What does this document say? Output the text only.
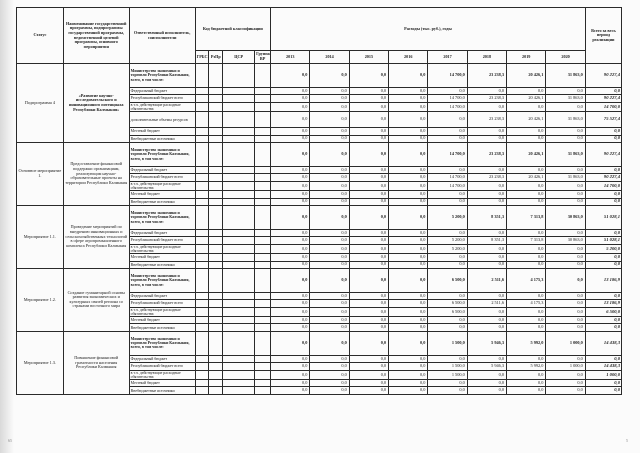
Статус	Наименование государственной программы, подпрограммы государственной программы, ведомственной целевой программы, основного мероприятия	Ответственный исполнитель, соисполнители	Код бюджетной классификации				Расходы (тыс. руб.), годы								Всего за весь период реализации
			ГРБС	РзПр	ЦСР	Группа ВР	2013	2014	2015	2016	2017	2018	2019	2020	
Подпрограмма 4	«Развитие научно-исследовательского и инновационного потенциала Республики Калмыкия»	Министерство экономики и торговли Республики Калмыкия, всего, в том числе:					0,0	0,0	0,0	0,0	14 700,0	23 238,3	20 426,1	31 863,0	90 227,4
		Федеральный бюджет					0,0	0,0	0,0	0,0	0,0	0,0	0,0	0,0	0,0
		Республиканский бюджет всего					0,0	0,0	0,0	0,0	14 700,0	23 238,3	20 426,1	31 863,0	90 227,4
		в т.ч. действующие расходные обязательства					0,0	0,0	0,0	0,0	14 700,0	0,0	0,0	0,0	14 700,0
		дополнительные объемы ресурсов					0,0	0,0	0,0	0,0	0,0	23 238,3	20 426,1	31 863,0	75 527,4
		Местный бюджет					0,0	0,0	0,0	0,0	0,0	0,0	0,0	0,0	0,0
		Внебюджетные источники					0,0	0,0	0,0	0,0	0,0	0,0	0,0	0,0	0,0
Основное мероприятие 1.	Предоставление финансовой поддержки организациям, реализующим научно-образовательные проекты на территории Республики Калмыкия	Министерство экономики и торговли Республики Калмыкия, всего, в том числе:					0,0	0,0	0,0	0,0	14 700,0	23 238,3	20 426,1	31 863,0	90 227,4
		Федеральный бюджет					0,0	0,0	0,0	0,0	0,0	0,0	0,0	0,0	0,0
		Республиканский бюджет всего					0,0	0,0	0,0	0,0	14 700,0	23 238,3	20 426,1	31 863,0	90 227,4
		в т.ч. действующие расходные обязательства					0,0	0,0	0,0	0,0	14 700,0	0,0	0,0	0,0	14 700,0
		Местный бюджет					0,0	0,0	0,0	0,0	0,0	0,0	0,0	0,0	0,0
		Внебюджетные источники					0,0	0,0	0,0	0,0	0,0	0,0	0,0	0,0	0,0
Мероприятие 1.1.	Проведение мероприятий по внедрению инновационных и сельскохозяйственных технологий в сфере агропромышленного комплекса Республики Калмыкия	Министерство экономики и торговли Республики Калмыкия, всего, в том числе:					0,0	0,0	0,0	0,0	5 200,0	8 351,3	7 313,8	30 863,0	51 028,1
		Федеральный бюджет					0,0	0,0	0,0	0,0	0,0	0,0	0,0	0,0	0,0
		Республиканский бюджет всего					0,0	0,0	0,0	0,0	5 200,0	8 351,3	7 313,8	30 863,0	51 028,1
		в т.ч. действующие расходные обязательства					0,0	0,0	0,0	0,0	5 200,0	0,0	0,0	0,0	5 200,0
		Местный бюджет					0,0	0,0	0,0	0,0	0,0	0,0	0,0	0,0	0,0
		Внебюджетные источники					0,0	0,0	0,0	0,0	0,0	0,0	0,0	0,0	0,0
Мероприятие 1.2.	Создание гуманитарной основы развития экономических и культурных связей региона со странами восточного мира	Министерство экономики и торговли Республики Калмыкия, всего, в том числе:					0,0	0,0	0,0	0,0	6 500,0	2 511,6	4 175,3	0,0	13 186,9
		Федеральный бюджет					0,0	0,0	0,0	0,0	0,0	0,0	0,0	0,0	0,0
		Республиканский бюджет всего					0,0	0,0	0,0	0,0	6 500,0	2 511,6	4 175,3	0,0	13 186,9
		в т.ч. действующие расходные обязательства					0,0	0,0	0,0	0,0	6 500,0	0,0	0,0	0,0	6 500,0
		Местный бюджет					0,0	0,0	0,0	0,0	0,0	0,0	0,0	0,0	0,0
		Внебюджетные источники					0,0	0,0	0,0	0,0	0,0	0,0	0,0	0,0	0,0
Мероприятие 1.3.	Повышение финансовой грамотности населения Республики Калмыкия	Министерство экономики и торговли Республики Калмыкия, всего, в том числе:					0,0	0,0	0,0	0,0	1 500,0	5 946,3	5 992,0	1 000,0	14 438,3
		Федеральный бюджет					0,0	0,0	0,0	0,0	0,0	0,0	0,0	0,0	0,0
		Республиканский бюджет всего					0,0	0,0	0,0	0,0	1 500,0	5 946,3	5 992,0	1 000,0	14 438,3
		в т.ч. действующие расходные обязательства					0,0	0,0	0,0	0,0	1 500,0	0,0	0,0	0,0	1 000,0
		Местный бюджет					0,0	0,0	0,0	0,0	0,0	0,0	0,0	0,0	0,0
		Внебюджетные источники					0,0	0,0	0,0	0,0	0,0	0,0	0,0	0,0	0,0
65	5
